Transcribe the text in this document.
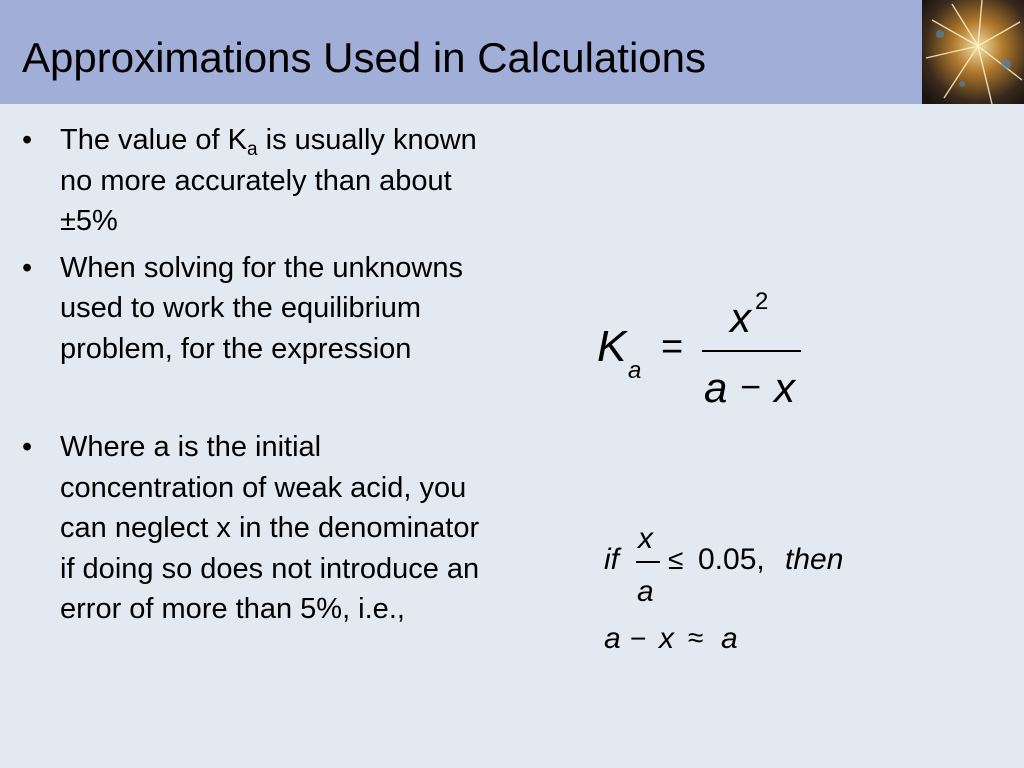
Approximations Used in Calculations
• The value of $K_a$ is usually known no more accurately than about ±5%
• When solving for the unknowns used to work the equilibrium problem, for the expression
• Where a is the initial concentration of weak acid, you can neglect x in the denominator if doing so does not introduce an error of more than 5%, i.e.,
K a
=
x 2
a − x
if
x
a
≤ 0.05, then
a − x ≈ a
